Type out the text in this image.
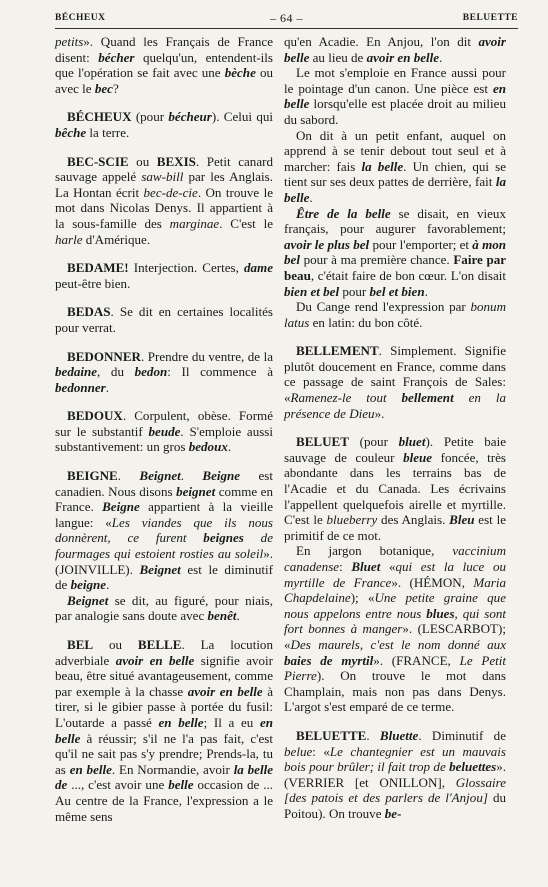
BÉCHEUX	– 64 –	BELUETTE

petits». Quand les Français de France disent: bécher quelqu'un, entendent-ils que l'opération se fait avec une bèche ou avec le bec?

BÉCHEUX (pour bécheur). Celui qui bêche la terre.

BEC-SCIE ou BEXIS. Petit canard sauvage appelé saw-bill par les Anglais. La Hontan écrit bec-de-cie. On trouve le mot dans Nicolas Denys. Il appartient à la sous-famille des marginae. C'est le harle d'Amérique.

BEDAME! Interjection. Certes, dame peut-être bien.

BEDAS. Se dit en certaines localités pour verrat.

BEDONNER. Prendre du ventre, de la bedaine, du bedon: Il commence à bedonner.

BEDOUX. Corpulent, obèse. Formé sur le substantif beude. S'emploie aussi substantivement: un gros bedoux.

BEIGNE. Beignet. Beigne est canadien. Nous disons beignet comme en France. Beigne appartient à la vieille langue: «Les viandes que ils nous donnèrent, ce furent beignes de fourmages qui estoient rosties au soleil». (JOINVILLE). Beignet est le diminutif de beigne.

Beignet se dit, au figuré, pour niais, par analogie sans doute avec benêt.

BEL ou BELLE. La locution adverbiale avoir en belle signifie avoir beau, être situé avantageusement, comme par exemple à la chasse avoir en belle à tirer, si le gibier passe à portée du fusil: L'outarde a passé en belle; Il a eu en belle à réussir; s'il ne l'a pas fait, c'est qu'il ne sait pas s'y prendre; Prends-la, tu as en belle. En Normandie, avoir la belle de ..., c'est avoir une belle occasion de ... Au centre de la France, l'expression a le même sens

qu'en Acadie. En Anjou, l'on dit avoir belle au lieu de avoir en belle.

Le mot s'emploie en France aussi pour le pointage d'un canon. Une pièce est en belle lorsqu'elle est placée droit au milieu du sabord.

On dit à un petit enfant, auquel on apprend à se tenir debout tout seul et à marcher: fais la belle. Un chien, qui se tient sur ses deux pattes de derrière, fait la belle.

Être de la belle se disait, en vieux français, pour augurer favorablement; avoir le plus bel pour l'emporter; et à mon bel pour à ma première chance. Faire par beau, c'était faire de bon cœur. L'on disait bien et bel pour bel et bien.

Du Cange rend l'expression par bonum latus en latin: du bon côté.

BELLEMENT. Simplement. Signifie plutôt doucement en France, comme dans ce passage de saint François de Sales: «Ramenez-le tout bellement en la présence de Dieu».

BELUET (pour bluet). Petite baie sauvage de couleur bleue foncée, très abondante dans les terrains bas de l'Acadie et du Canada. Les écrivains l'appellent quelquefois airelle et myrtille. C'est le blueberry des Anglais. Bleu est le primitif de ce mot.

En jargon botanique, vaccinium canadense: Bluet «qui est la luce ou myrtille de France». (HÉMON, Maria Chapdelaine); «Une petite graine que nous appelons entre nous blues, qui sont fort bonnes à manger». (LESCARBOT); «Des maurels, c'est le nom donné aux baies de myrtil». (FRANCE, Le Petit Pierre). On trouve le mot dans Champlain, mais non pas dans Denys. L'argot s'est emparé de ce terme.

BELUETTE. Bluette. Diminutif de belue: «Le chantegnier est un mauvais bois pour brûler; il fait trop de beluettes». (VERRIER [et ONILLON], Glossaire [des patois et des parlers de l'Anjou] du Poitou). On trouve be-
